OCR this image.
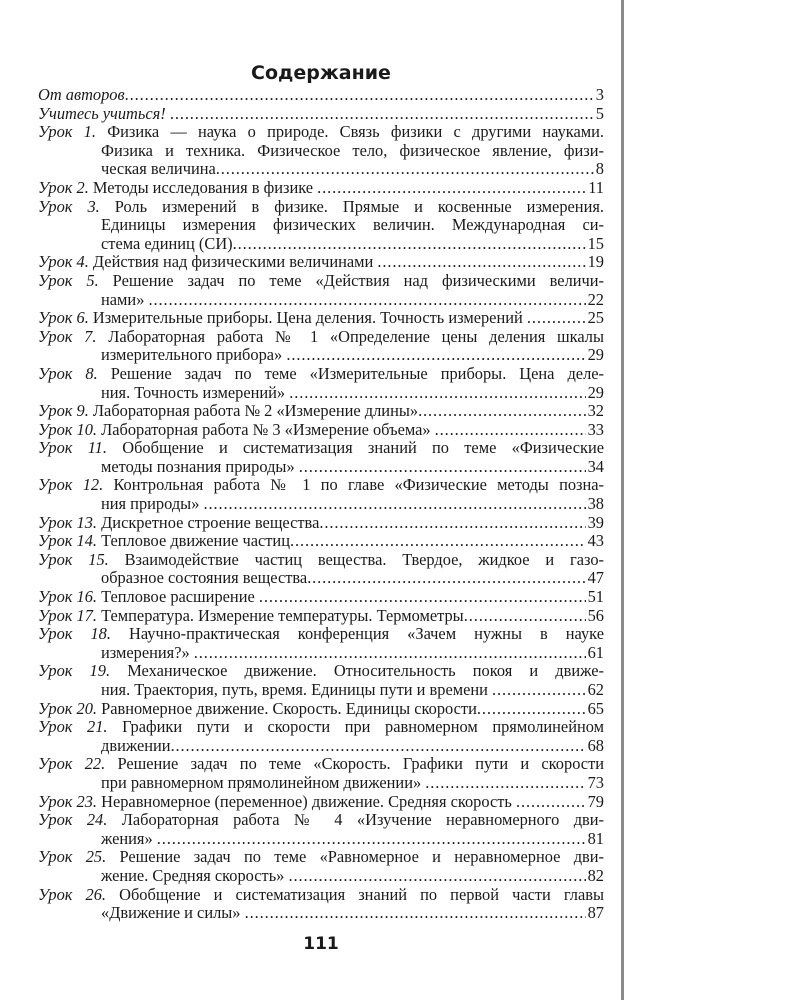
Содержание
От авторов . . .	3
Учитесь учиться! . . .	5
Урок 1. Физика — наука о природе. Связь физики с другими науками.
Физика и техника. Физическое тело, физическое явление, физи-
ческая величина . . .	8
Урок 2. Методы исследования в физике . . .	11
Урок 3. Роль измерений в физике. Прямые и косвенные измерения.
Единицы измерения физических величин. Международная си-
стема единиц (СИ) . . .	15
Урок 4. Действия над физическими величинами . . .	19
Урок 5. Решение задач по теме «Действия над физическими величи-
нами» . . .	22
Урок 6. Измерительные приборы. Цена деления. Точность измерений . . .	25
Урок 7. Лабораторная работа № 1 «Определение цены деления шкалы
измерительного прибора» . . .	29
Урок 8. Решение задач по теме «Измерительные приборы. Цена деле-
ния. Точность измерений» . . .	29
Урок 9. Лабораторная работа № 2 «Измерение длины» . . .	32
Урок 10. Лабораторная работа № 3 «Измерение объема» . . .	33
Урок 11. Обобщение и систематизация знаний по теме «Физические
методы познания природы» . . .	34
Урок 12. Контрольная работа № 1 по главе «Физические методы позна-
ния природы» . . .	38
Урок 13. Дискретное строение вещества . . .	39
Урок 14. Тепловое движение частиц . . .	43
Урок 15. Взаимодействие частиц вещества. Твердое, жидкое и газо-
образное состояния вещества . . .	47
Урок 16. Тепловое расширение . . .	51
Урок 17. Температура. Измерение температуры. Термометры . . .	56
Урок 18. Научно-практическая конференция «Зачем нужны в науке
измерения?» . . .	61
Урок 19. Механическое движение. Относительность покоя и движе-
ния. Траектория, путь, время. Единицы пути и времени . . .	62
Урок 20. Равномерное движение. Скорость. Единицы скорости . . .	65
Урок 21. Графики пути и скорости при равномерном прямолинейном
движении . . .	68
Урок 22. Решение задач по теме «Скорость. Графики пути и скорости
при равномерном прямолинейном движении» . . .	73
Урок 23. Неравномерное (переменное) движение. Средняя скорость . . .	79
Урок 24. Лабораторная работа № 4 «Изучение неравномерного дви-
жения» . . .	81
Урок 25. Решение задач по теме «Равномерное и неравномерное дви-
жение. Средняя скорость» . . .	82
Урок 26. Обобщение и систематизация знаний по первой части главы
«Движение и силы» . . .	87
111
